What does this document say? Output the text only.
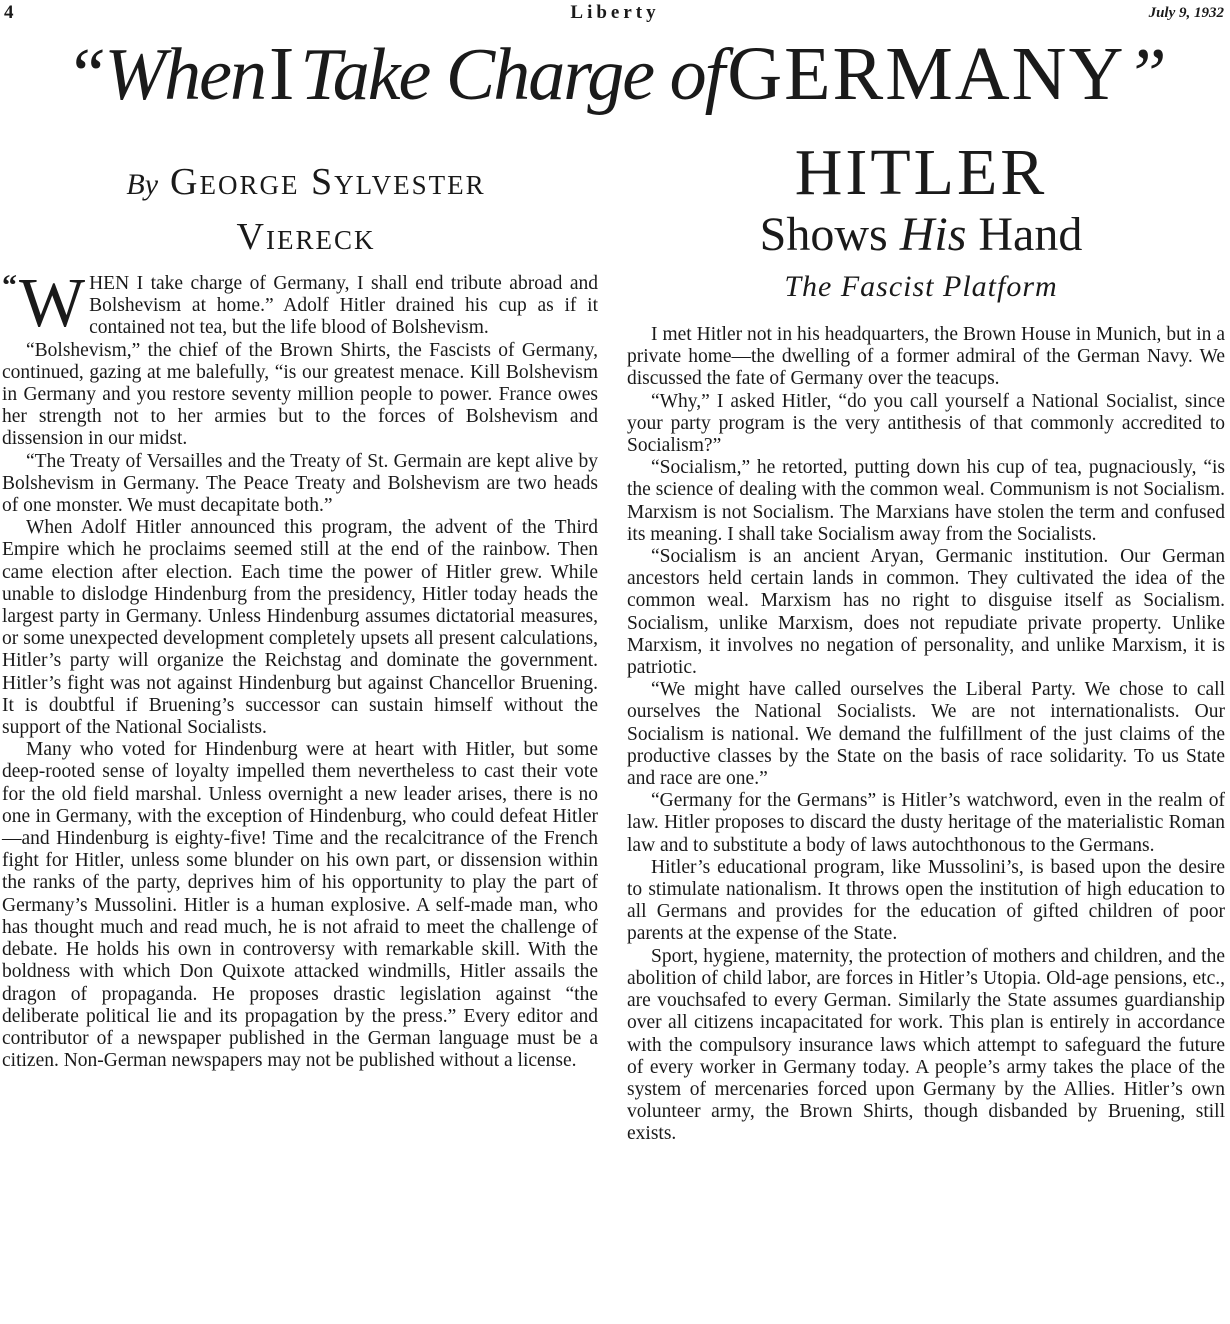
4	Liberty	July 9, 1932
“When I Take Charge of GERMANY”
By George Sylvester
Viereck
HITLER
Shows His Hand
The Fascist Platform

“ W HEN I take charge of Germany, I shall end tribute abroad and Bolshevism at home.” Adolf Hitler drained his cup as if it contained not tea, but the life blood of Bolshevism.

“Bolshevism,” the chief of the Brown Shirts, the Fascists of Germany, continued, gazing at me balefully, “is our greatest menace. Kill Bolshevism in Germany and you restore seventy million people to power. France owes her strength not to her armies but to the forces of Bolshevism and dissension in our midst.

“The Treaty of Versailles and the Treaty of St. Germain are kept alive by Bolshevism in Germany. The Peace Treaty and Bolshevism are two heads of one monster. We must decapitate both.”

When Adolf Hitler announced this program, the advent of the Third Empire which he proclaims seemed still at the end of the rainbow. Then came election after election. Each time the power of Hitler grew. While unable to dislodge Hindenburg from the presidency, Hitler today heads the largest party in Germany. Unless Hindenburg assumes dictatorial measures, or some unexpected development completely upsets all present calculations, Hitler’s party will organize the Reichstag and dominate the government. Hitler’s fight was not against Hindenburg but against Chancellor Bruening. It is doubtful if Bruening’s successor can sustain himself without the support of the National Socialists.

Many who voted for Hindenburg were at heart with Hitler, but some deep-rooted sense of loyalty impelled them nevertheless to cast their vote for the old field marshal. Unless overnight a new leader arises, there is no one in Germany, with the exception of Hindenburg, who could defeat Hitler—and Hindenburg is eighty-five! Time and the recalcitrance of the French fight for Hitler, unless some blunder on his own part, or dissension within the ranks of the party, deprives him of his opportunity to play the part of Germany’s Mussolini. Hitler is a human explosive. A self-made man, who has thought much and read much, he is not afraid to meet the challenge of debate. He holds his own in controversy with remarkable skill. With the boldness with which Don Quixote attacked windmills, Hitler assails the dragon of propaganda. He proposes drastic legislation against “the deliberate political lie and its propagation by the press.” Every editor and contributor of a newspaper published in the German language must be a citizen. Non-German newspapers may not be published without a license.

I met Hitler not in his headquarters, the Brown House in Munich, but in a private home—the dwelling of a former admiral of the German Navy. We discussed the fate of Germany over the teacups.

“Why,” I asked Hitler, “do you call yourself a National Socialist, since your party program is the very antithesis of that commonly accredited to Socialism?”

“Socialism,” he retorted, putting down his cup of tea, pugnaciously, “is the science of dealing with the common weal. Communism is not Socialism. Marxism is not Socialism. The Marxians have stolen the term and confused its meaning. I shall take Socialism away from the Socialists.

“Socialism is an ancient Aryan, Germanic institution. Our German ancestors held certain lands in common. They cultivated the idea of the common weal. Marxism has no right to disguise itself as Socialism. Socialism, unlike Marxism, does not repudiate private property. Unlike Marxism, it involves no negation of personality, and unlike Marxism, it is patriotic.

“We might have called ourselves the Liberal Party. We chose to call ourselves the National Socialists. We are not internationalists. Our Socialism is national. We demand the fulfillment of the just claims of the productive classes by the State on the basis of race solidarity. To us State and race are one.”

“Germany for the Germans” is Hitler’s watchword, even in the realm of law. Hitler proposes to discard the dusty heritage of the materialistic Roman law and to substitute a body of laws autochthonous to the Germans.

Hitler’s educational program, like Mussolini’s, is based upon the desire to stimulate nationalism. It throws open the institution of high education to all Germans and provides for the education of gifted children of poor parents at the expense of the State.

Sport, hygiene, maternity, the protection of mothers and children, and the abolition of child labor, are forces in Hitler’s Utopia. Old-age pensions, etc., are vouchsafed to every German. Similarly the State assumes guardianship over all citizens incapacitated for work. This plan is entirely in accordance with the compulsory insurance laws which attempt to safeguard the future of every worker in Germany today. A people’s army takes the place of the system of mercenaries forced upon Germany by the Allies. Hitler’s own volunteer army, the Brown Shirts, though disbanded by Bruening, still exists.
